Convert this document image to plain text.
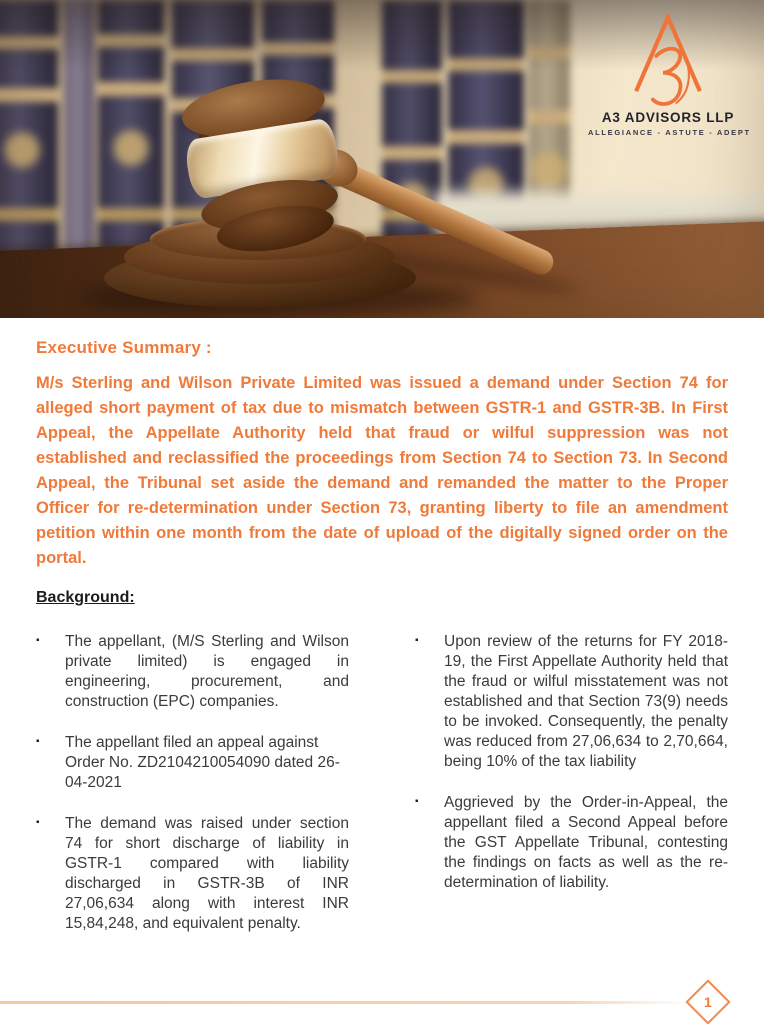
A3 ADVISORS LLP
ALLEGIANCE - ASTUTE - ADEPT
Executive Summary :

M/s Sterling and Wilson Private Limited was issued a demand under Section 74 for alleged short payment of tax due to mismatch between GSTR-1 and GSTR-3B. In First Appeal, the Appellate Authority held that fraud or wilful suppression was not established and reclassified the proceedings from Section 74 to Section 73. In Second Appeal, the Tribunal set aside the demand and remanded the matter to the Proper Officer for re-determination under Section 73, granting liberty to file an amendment petition within one month from the date of upload of the digitally signed order on the portal.

Background:
▪	The appellant, (M/S Sterling and Wilson private limited) is engaged in engineering, procurement, and construction (EPC) companies.
▪	The appellant filed an appeal against Order No. ZD2104210054090 dated 26-04-2021
▪	The demand was raised under section 74 for short discharge of liability in GSTR-1 compared with liability discharged in GSTR-3B of INR 27,06,634 along with interest INR 15,84,248, and equivalent penalty.
▪	Upon review of the returns for FY 2018-19, the First Appellate Authority held that the fraud or wilful misstatement was not established and that Section 73(9) needs to be invoked. Consequently, the penalty was reduced from 27,06,634 to 2,70,664, being 10% of the tax liability
▪	Aggrieved by the Order-in-Appeal, the appellant filed a Second Appeal before the GST Appellate Tribunal, contesting the findings on facts as well as the re-determination of liability.
1
